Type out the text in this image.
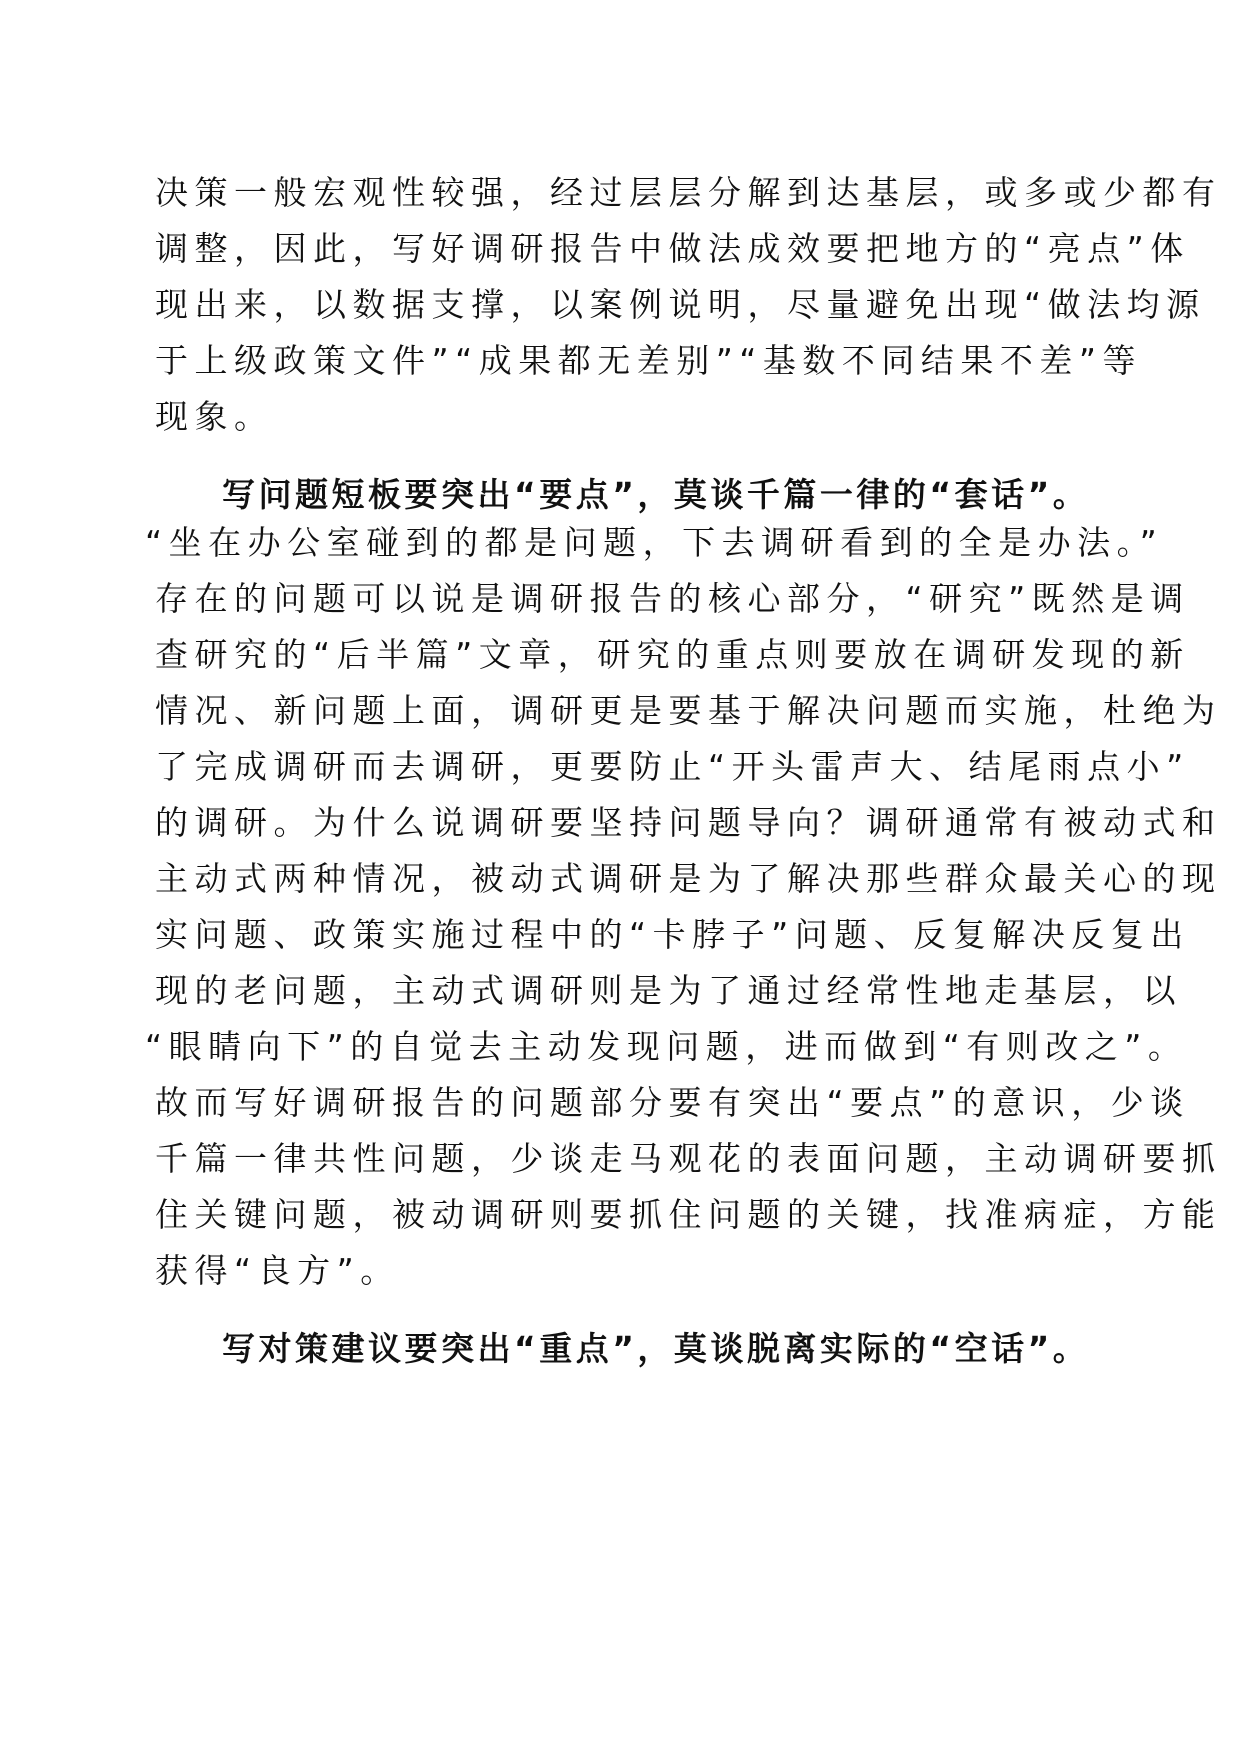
决策一般宏观性较强，经过层层分解到达基层，或多或少都有
调整，因此，写好调研报告中做法成效要把地方的“亮点”体
现出来，以数据支撑，以案例说明，尽量避免出现“做法均源
于上级政策文件”“成果都无差别”“基数不同结果不差”等
现象。
写问题短板要突出“要点”，莫谈千篇一律的“套话”。
“坐在办公室碰到的都是问题，下去调研看到的全是办法。”
存在的问题可以说是调研报告的核心部分，“研究”既然是调
查研究的“后半篇”文章，研究的重点则要放在调研发现的新
情况、新问题上面，调研更是要基于解决问题而实施，杜绝为
了完成调研而去调研，更要防止“开头雷声大、结尾雨点小”
的调研。为什么说调研要坚持问题导向？调研通常有被动式和
主动式两种情况，被动式调研是为了解决那些群众最关心的现
实问题、政策实施过程中的“卡脖子”问题、反复解决反复出
现的老问题，主动式调研则是为了通过经常性地走基层，以
“眼睛向下”的自觉去主动发现问题，进而做到“有则改之”。
故而写好调研报告的问题部分要有突出“要点”的意识，少谈
千篇一律共性问题，少谈走马观花的表面问题，主动调研要抓
住关键问题，被动调研则要抓住问题的关键，找准病症，方能
获得“良方”。
写对策建议要突出“重点”，莫谈脱离实际的“空话”。
